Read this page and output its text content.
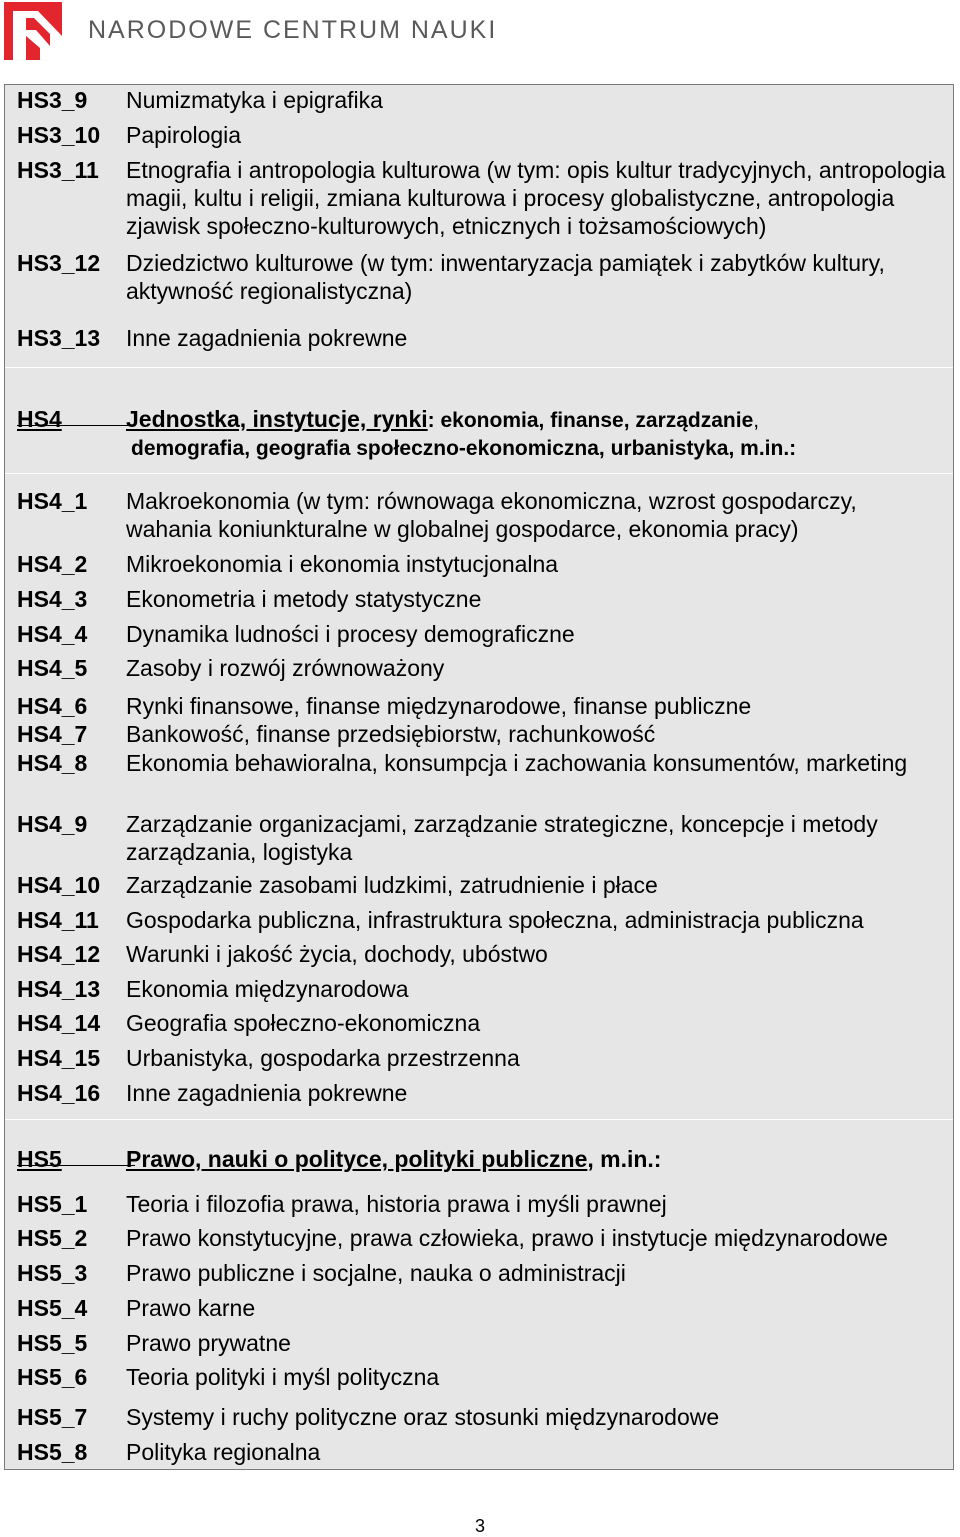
NARODOWE CENTRUM NAUKI
HS3_9	Numizmatyka i epigrafika
HS3_10	Papirologia
HS3_11	Etnografia i antropologia kulturowa (w tym: opis kultur tradycyjnych, antropologia magii, kultu i religii, zmiana kulturowa i procesy globalistyczne, antropologia zjawisk społeczno-kulturowych, etnicznych i tożsamościowych)
HS3_12	Dziedzictwo kulturowe (w tym: inwentaryzacja pamiątek i zabytków kultury, aktywność regionalistyczna)
HS3_13	Inne zagadnienia pokrewne
HS4	Jednostka, instytucje, rynki: ekonomia, finanse, zarządzanie,
demografia, geografia społeczno-ekonomiczna, urbanistyka, m.in.:
HS4_1	Makroekonomia (w tym: równowaga ekonomiczna, wzrost gospodarczy, wahania koniunkturalne w globalnej gospodarce, ekonomia pracy)
HS4_2	Mikroekonomia i ekonomia instytucjonalna
HS4_3	Ekonometria i metody statystyczne
HS4_4	Dynamika ludności i procesy demograficzne
HS4_5	Zasoby i rozwój zrównoważony
HS4_6	Rynki finansowe, finanse międzynarodowe, finanse publiczne
HS4_7	Bankowość, finanse przedsiębiorstw, rachunkowość
HS4_8	Ekonomia behawioralna, konsumpcja i zachowania konsumentów, marketing
HS4_9	Zarządzanie organizacjami, zarządzanie strategiczne, koncepcje i metody zarządzania, logistyka
HS4_10	Zarządzanie zasobami ludzkimi, zatrudnienie i płace
HS4_11	Gospodarka publiczna, infrastruktura społeczna, administracja publiczna
HS4_12	Warunki i jakość życia, dochody, ubóstwo
HS4_13	Ekonomia międzynarodowa
HS4_14	Geografia społeczno-ekonomiczna
HS4_15	Urbanistyka, gospodarka przestrzenna
HS4_16	Inne zagadnienia pokrewne
HS5	Prawo, nauki o polityce, polityki publiczne, m.in.:
HS5_1	Teoria i filozofia prawa, historia prawa i myśli prawnej
HS5_2	Prawo konstytucyjne, prawa człowieka, prawo i instytucje międzynarodowe
HS5_3	Prawo publiczne i socjalne, nauka o administracji
HS5_4	Prawo karne
HS5_5	Prawo prywatne
HS5_6	Teoria polityki i myśl polityczna
HS5_7	Systemy i ruchy polityczne oraz stosunki międzynarodowe
HS5_8	Polityka regionalna
3
